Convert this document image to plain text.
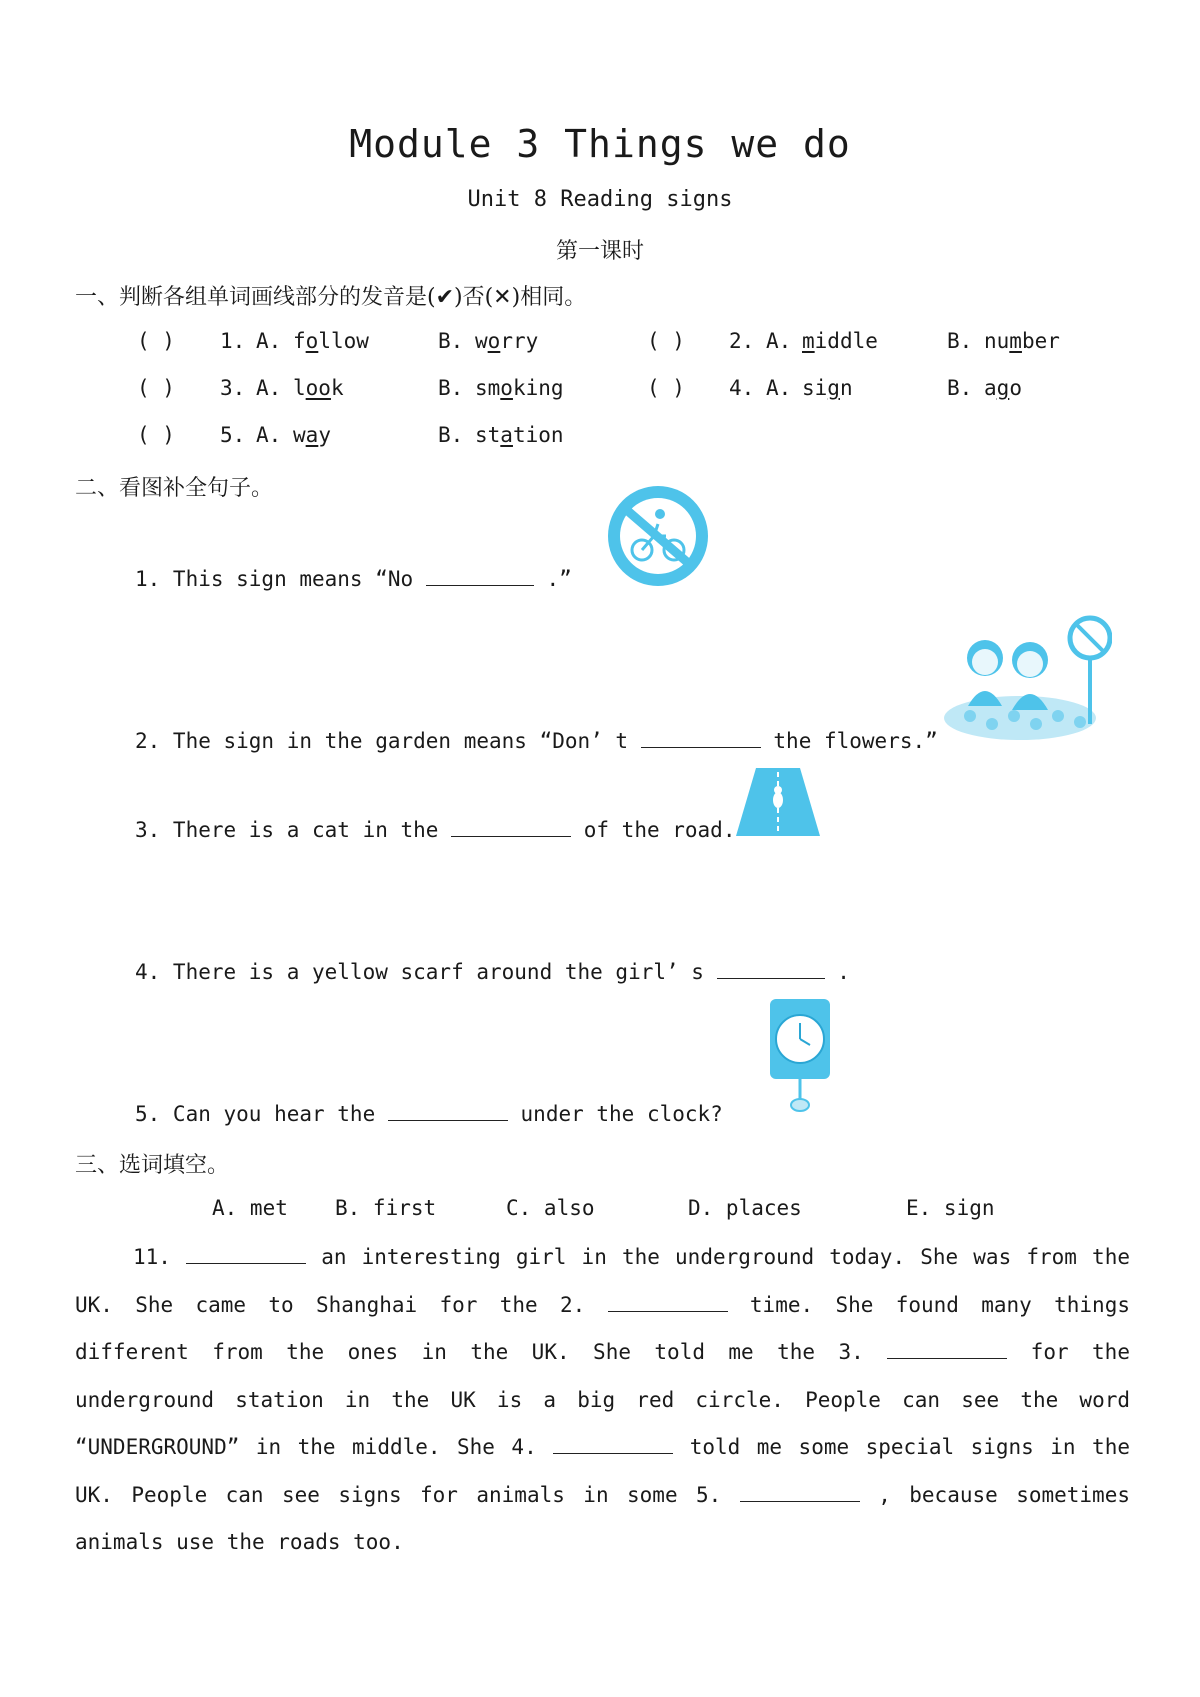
Module 3 Things we do
Unit 8 Reading signs
第一课时
一、判断各组单词画线部分的发音是(✔)否(✕)相同。
( ) 1. A. follow	B. worry	( ) 2. A. middle	B. number
( ) 3. A. look	B. smoking	( ) 4. A. sign	B. ago
( ) 5. A. way	B. station
二、看图补全句子。
1. This sign means “No	.”
2. The sign in the garden means “Don’ t	the flowers.”
3. There is a cat in the	of the road.
4. There is a yellow scarf around the girl’ s	.
5. Can you hear the	under the clock?
三、选词填空。
A. met B. first	C. also	D. places	E. sign
11.	an interesting girl in the underground today. She was from the UK. She came to Shanghai for the 2.	time. She found many things different from the ones in the UK. She told me the 3.	for the underground station in the UK is a big red circle. People can see the word “UNDERGROUND” in the middle. She 4.	told me some special signs in the UK. People can see signs for animals in some 5.	, because sometimes animals use the roads too.
